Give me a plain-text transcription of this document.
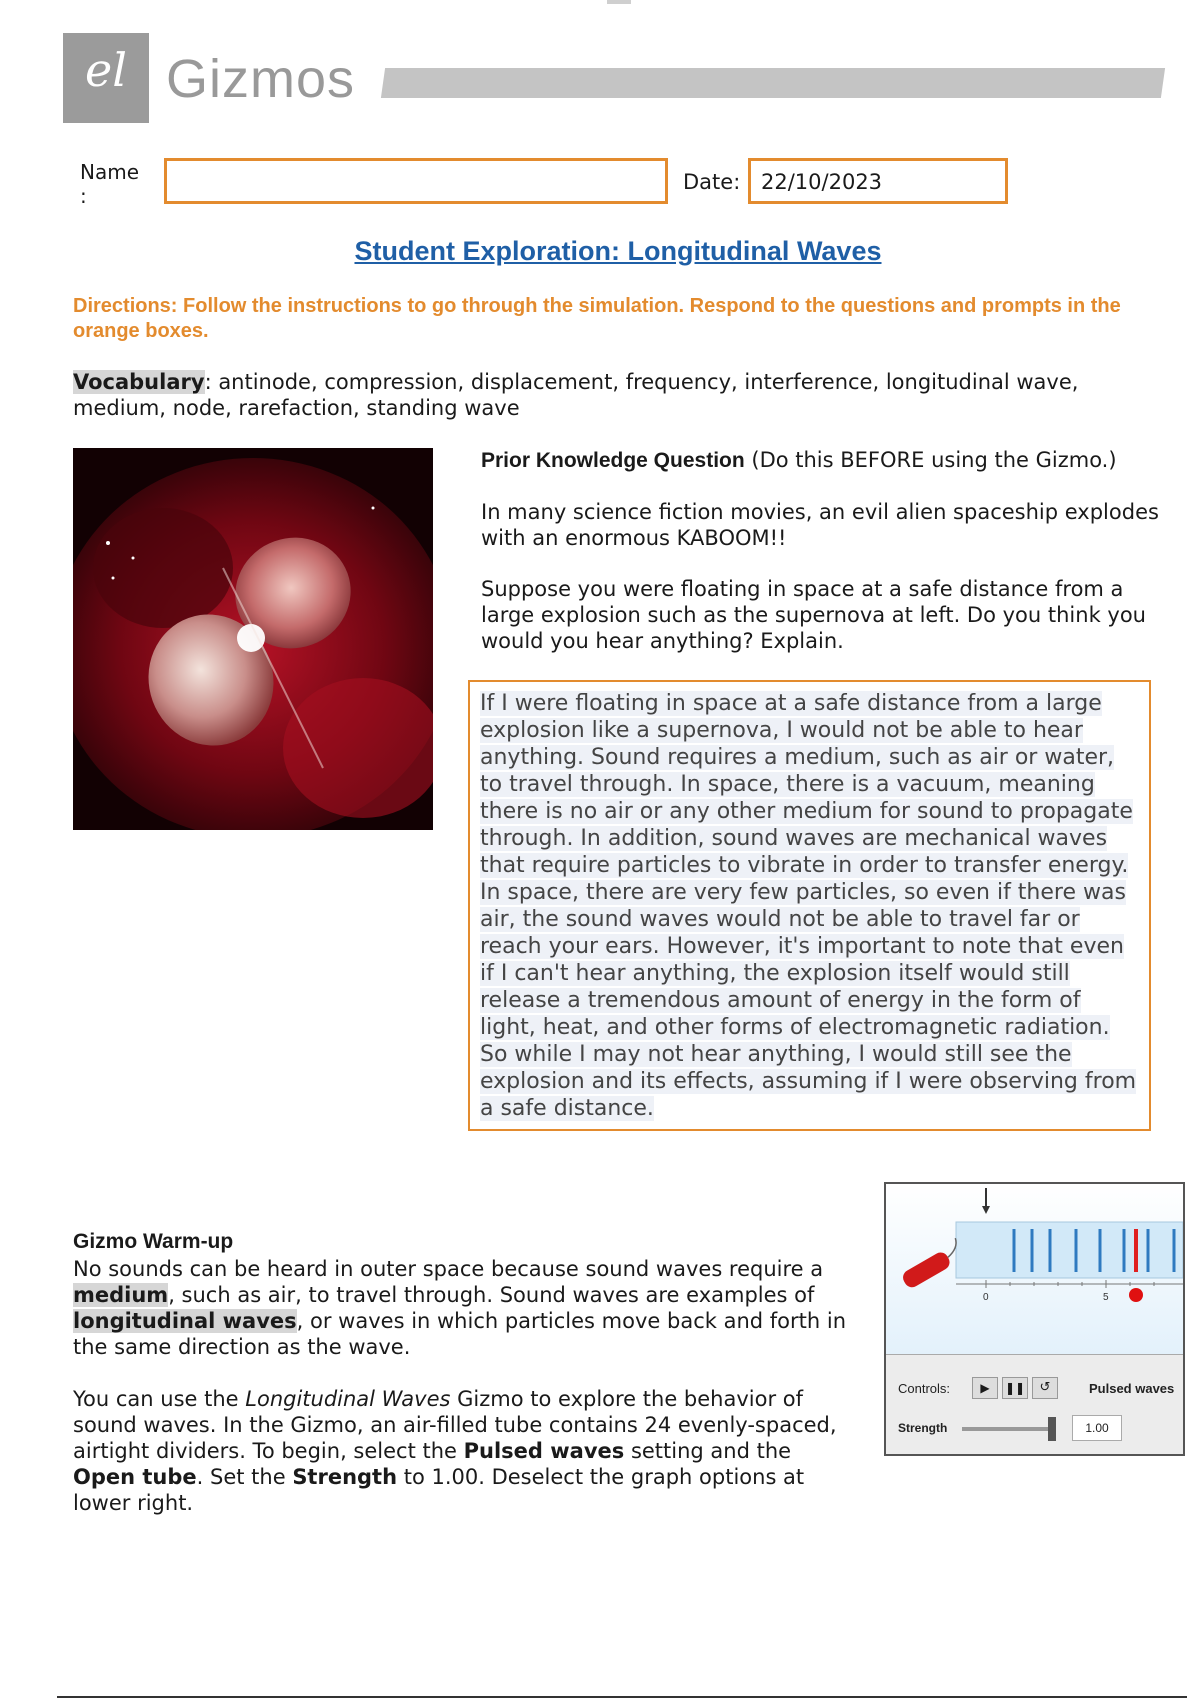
el Gizmos
Name
:
Date: 22/10/2023
Student Exploration: Longitudinal Waves
Directions: Follow the instructions to go through the simulation. Respond to the questions and prompts in the orange boxes.
Vocabulary: antinode, compression, displacement, frequency, interference, longitudinal wave, medium, node, rarefaction, standing wave
Prior Knowledge Question (Do this BEFORE using the Gizmo.)
In many science fiction movies, an evil alien spaceship explodes with an enormous KABOOM!!
Suppose you were floating in space at a safe distance from a large explosion such as the supernova at left. Do you think you would you hear anything? Explain.
If I were floating in space at a safe distance from a large explosion like a supernova, I would not be able to hear anything. Sound requires a medium, such as air or water, to travel through. In space, there is a vacuum, meaning there is no air or any other medium for sound to propagate through. In addition, sound waves are mechanical waves that require particles to vibrate in order to transfer energy. In space, there are very few particles, so even if there was air, the sound waves would not be able to travel far or reach your ears. However, it's important to note that even if I can't hear anything, the explosion itself would still release a tremendous amount of energy in the form of light, heat, and other forms of electromagnetic radiation. So while I may not hear anything, I would still see the explosion and its effects, assuming if I were observing from a safe distance.
Gizmo Warm-up
No sounds can be heard in outer space because sound waves require a medium, such as air, to travel through. Sound waves are examples of longitudinal waves, or waves in which particles move back and forth in the same direction as the wave.
You can use the Longitudinal Waves Gizmo to explore the behavior of sound waves. In the Gizmo, an air-filled tube contains 24 evenly-spaced, airtight dividers. To begin, select the Pulsed waves setting and the Open tube. Set the Strength to 1.00. Deselect the graph options at lower right.
0	5
Controls:	▶	❚❚	↺	Pulsed waves
Strength	1.00
